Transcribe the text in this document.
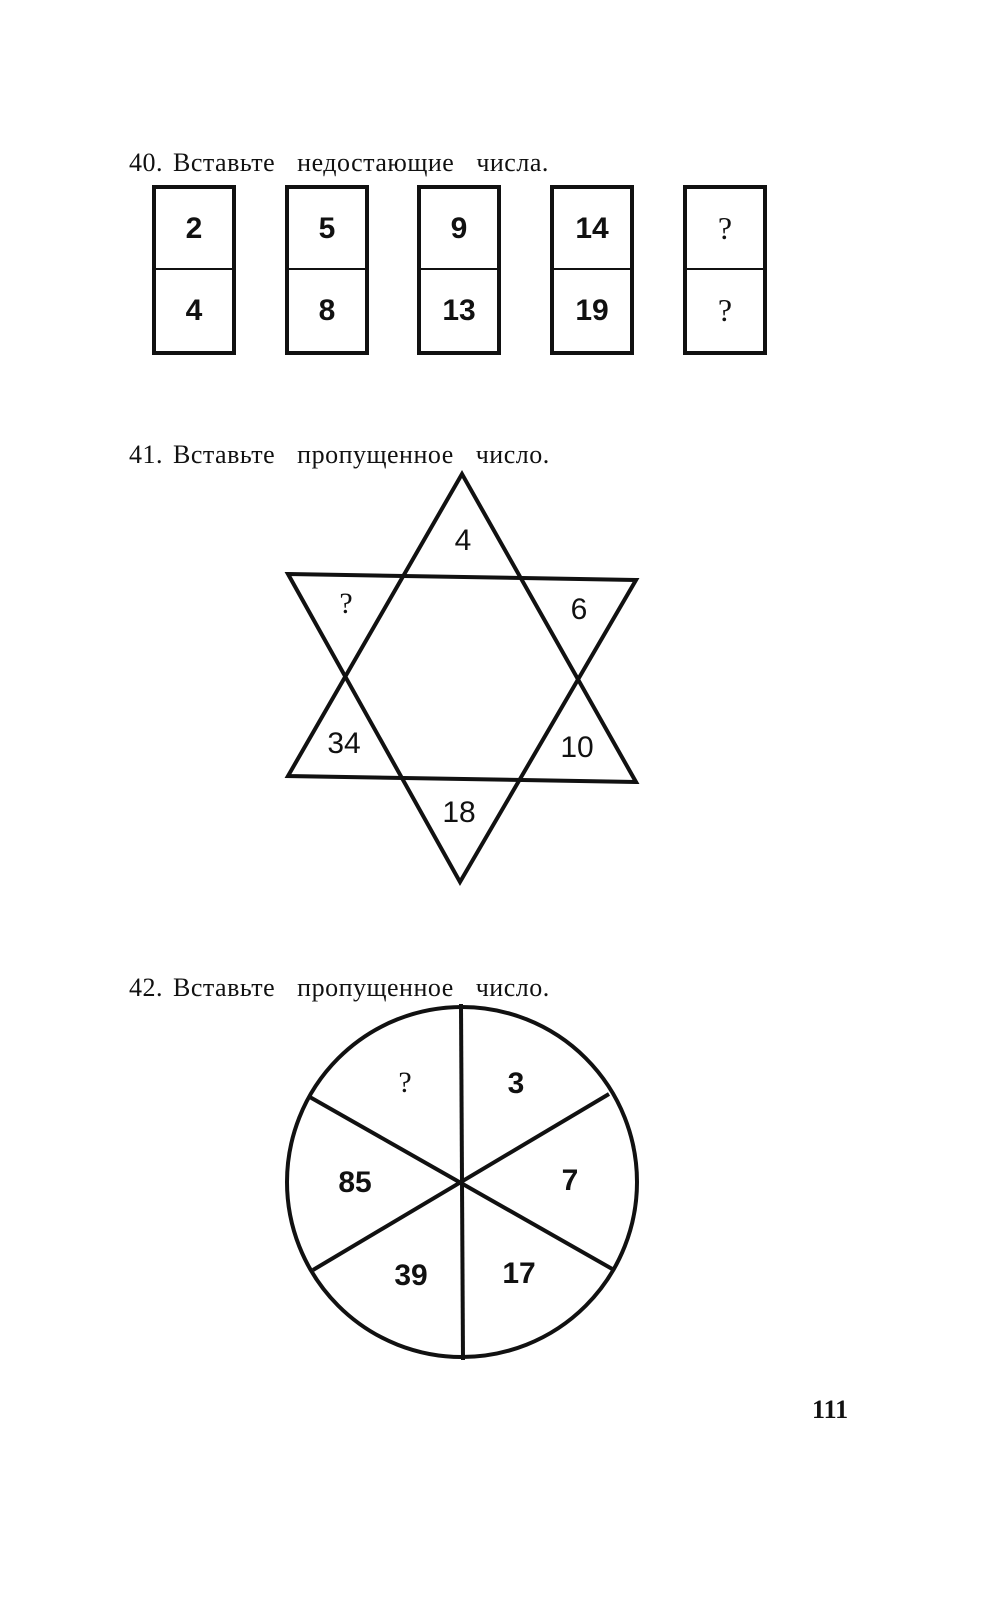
40. Вставьте недостающие числа.

2
4
5
8
9
13
14
19
?
?

41. Вставьте пропущенное число.

42. Вставьте пропущенное число.

4
?	6
34	10
18
?	3
7
17
39
85
111
